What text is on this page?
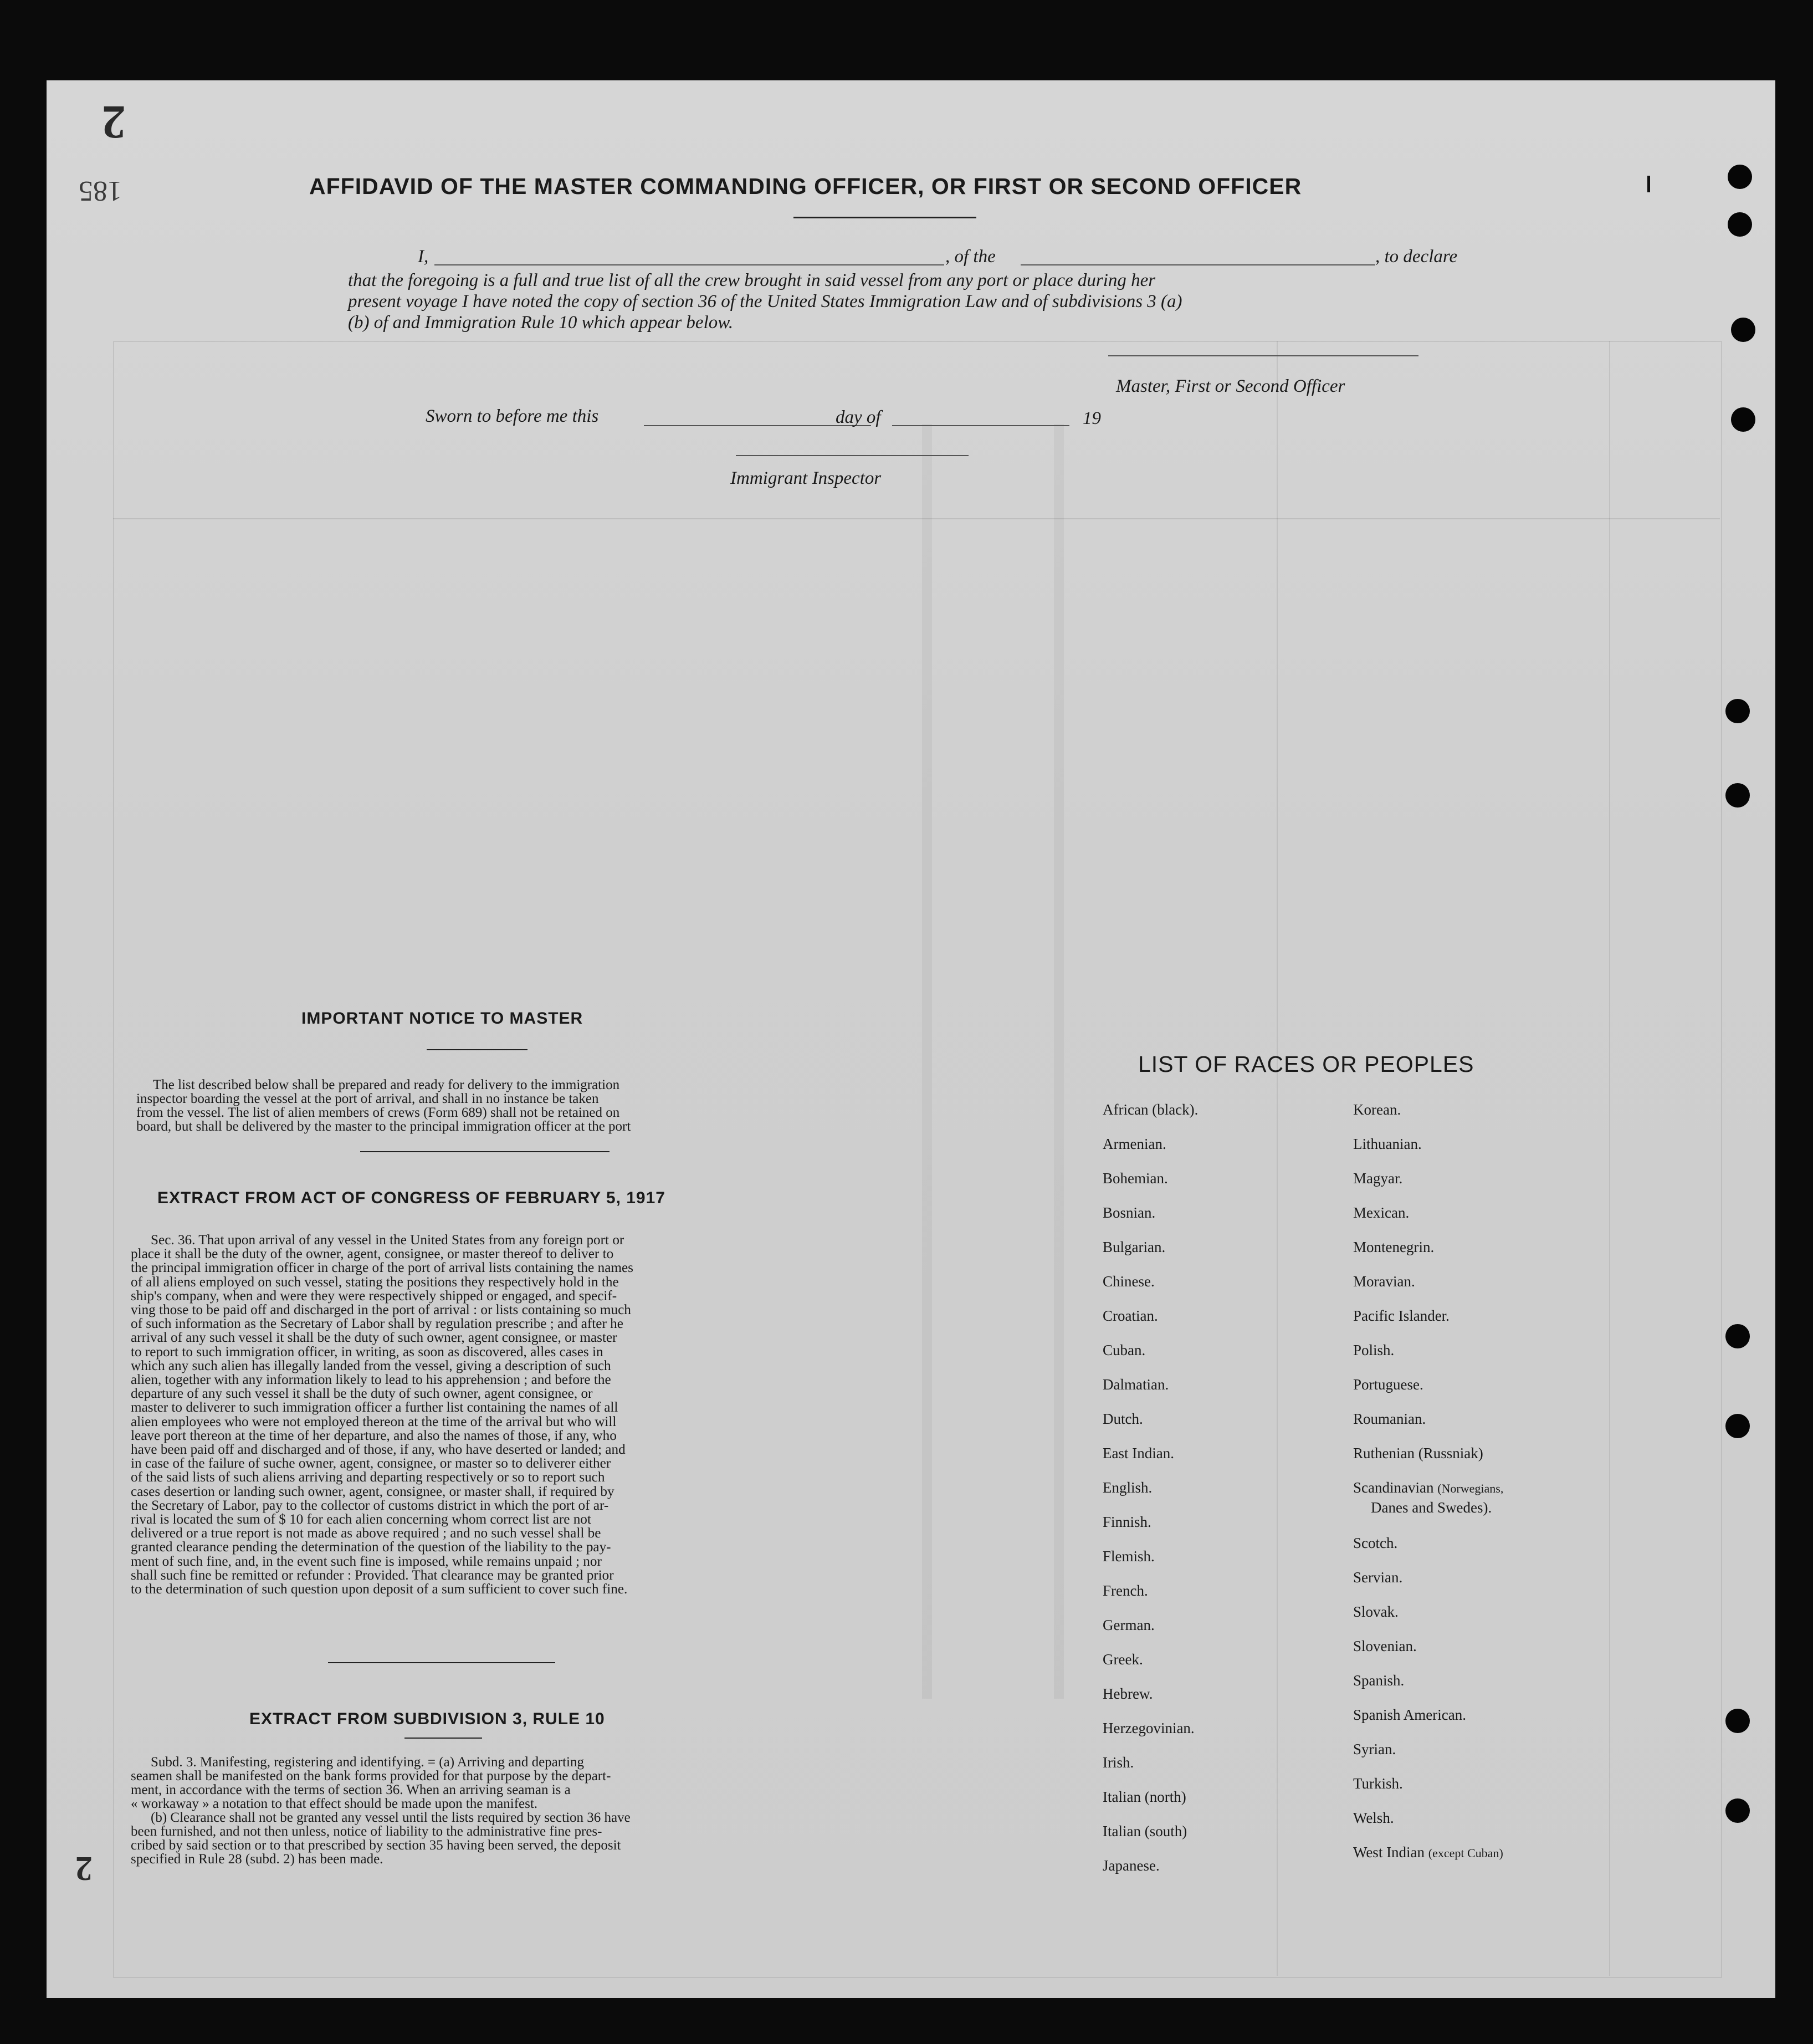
185
2
2
AFFIDAVID OF THE MASTER COMMANDING OFFICER, OR FIRST OR SECOND OFFICER
I,	, of the	, to declare
that the foregoing is a full and true list of all the crew brought in said vessel from any port or place during her
present voyage I have noted the copy of section 36 of the United States Immigration Law and of subdivisions 3 (a)
(b) of and Immigration Rule 10 which appear below.
Master, First or Second Officer
Sworn to before me this	day of	19
Immigrant Inspector
IMPORTANT NOTICE TO MASTER
The list described below shall be prepared and ready for delivery to the immigration
inspector boarding the vessel at the port of arrival, and shall in no instance be taken
from the vessel. The list of alien members of crews (Form 689) shall not be retained on
board, but shall be delivered by the master to the principal immigration officer at the port
EXTRACT FROM ACT OF CONGRESS OF FEBRUARY 5, 1917
Sec. 36. That upon arrival of any vessel in the United States from any foreign port or
place it shall be the duty of the owner, agent, consignee, or master thereof to deliver to
the principal immigration officer in charge of the port of arrival lists containing the names
of all aliens employed on such vessel, stating the positions they respectively hold in the
ship's company, when and were they were respectively shipped or engaged, and specif-
ving those to be paid off and discharged in the port of arrival : or lists containing so much
of such information as the Secretary of Labor shall by regulation prescribe ; and after he
arrival of any such vessel it shall be the duty of such owner, agent consignee, or master
to report to such immigration officer, in writing, as soon as discovered, alles cases in
which any such alien has illegally landed from the vessel, giving a description of such
alien, together with any information likely to lead to his apprehension ; and before the
departure of any such vessel it shall be the duty of such owner, agent consignee, or
master to deliverer to such immigration officer a further list containing the names of all
alien employees who were not employed thereon at the time of the arrival but who will
leave port thereon at the time of her departure, and also the names of those, if any, who
have been paid off and discharged and of those, if any, who have deserted or landed; and
in case of the failure of suche owner, agent, consignee, or master so to deliverer either
of the said lists of such aliens arriving and departing respectively or so to report such
cases desertion or landing such owner, agent, consignee, or master shall, if required by
the Secretary of Labor, pay to the collector of customs district in which the port of ar-
rival is located the sum of $ 10 for each alien concerning whom correct list are not
delivered or a true report is not made as above required ; and no such vessel shall be
granted clearance pending the determination of the question of the liability to the pay-
ment of such fine, and, in the event such fine is imposed, while remains unpaid ; nor
shall such fine be remitted or refunder : Provided. That clearance may be granted prior
to the determination of such question upon deposit of a sum sufficient to cover such fine.
EXTRACT FROM SUBDIVISION 3, RULE 10
Subd. 3. Manifesting, registering and identifying. = (a) Arriving and departing
seamen shall be manifested on the bank forms provided for that purpose by the depart-
ment, in accordance with the terms of section 36. When an arriving seaman is a
« workaway » a notation to that effect should be made upon the manifest.
(b) Clearance shall not be granted any vessel until the lists required by section 36 have
been furnished, and not then unless, notice of liability to the administrative fine pres-
cribed by said section or to that prescribed by section 35 having been served, the deposit
specified in Rule 28 (subd. 2) has been made.
LIST OF RACES OR PEOPLES
African (black).
Armenian.
Bohemian.
Bosnian.
Bulgarian.
Chinese.
Croatian.
Cuban.
Dalmatian.
Dutch.
East Indian.
English.
Finnish.
Flemish.
French.
German.
Greek.
Hebrew.
Herzegovinian.
Irish.
Italian (north)
Italian (south)
Japanese.
Korean.
Lithuanian.
Magyar.
Mexican.
Montenegrin.
Moravian.
Pacific Islander.
Polish.
Portuguese.
Roumanian.
Ruthenian (Russniak)
Scandinavian (Norwegians,
Danes and Swedes).
Scotch.
Servian.
Slovak.
Slovenian.
Spanish.
Spanish American.
Syrian.
Turkish.
Welsh.
West Indian (except Cuban)
